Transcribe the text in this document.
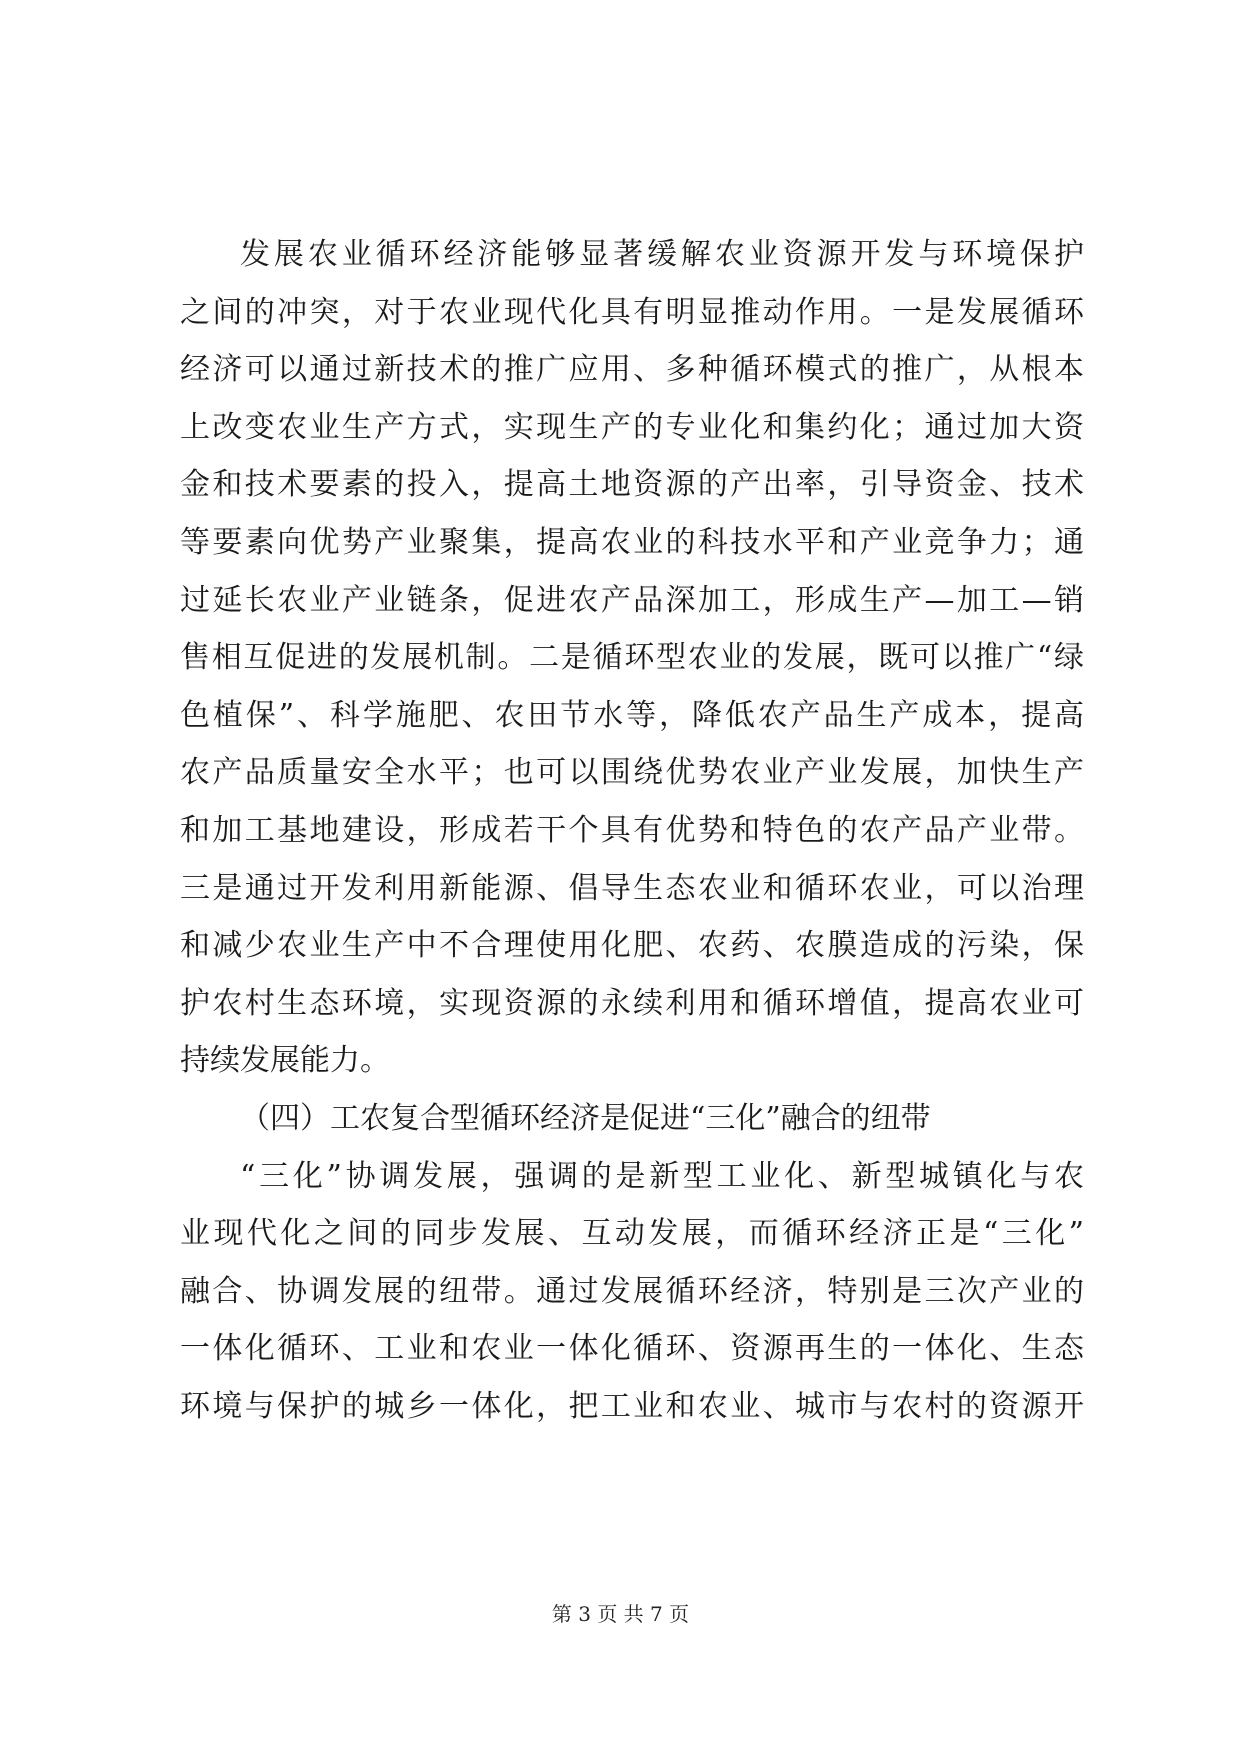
发展农业循环经济能够显著缓解农业资源开发与环境保护
之间的冲突，对于农业现代化具有明显推动作用。一是发展循环
经济可以通过新技术的推广应用、多种循环模式的推广，从根本
上改变农业生产方式，实现生产的专业化和集约化；通过加大资
金和技术要素的投入，提高土地资源的产出率，引导资金、技术
等要素向优势产业聚集，提高农业的科技水平和产业竞争力；通
过延长农业产业链条，促进农产品深加工，形成生产—加工—销
售相互促进的发展机制。二是循环型农业的发展，既可以推广“绿
色植保”、科学施肥、农田节水等，降低农产品生产成本，提高
农产品质量安全水平；也可以围绕优势农业产业发展，加快生产
和加工基地建设，形成若干个具有优势和特色的农产品产业带。
三是通过开发利用新能源、倡导生态农业和循环农业，可以治理
和减少农业生产中不合理使用化肥、农药、农膜造成的污染，保
护农村生态环境，实现资源的永续利用和循环增值，提高农业可
持续发展能力。
（四）工农复合型循环经济是促进“三化”融合的纽带
“三化”协调发展，强调的是新型工业化、新型城镇化与农
业现代化之间的同步发展、互动发展，而循环经济正是“三化”
融合、协调发展的纽带。通过发展循环经济，特别是三次产业的
一体化循环、工业和农业一体化循环、资源再生的一体化、生态
环境与保护的城乡一体化，把工业和农业、城市与农村的资源开
第 3 页 共 7 页
